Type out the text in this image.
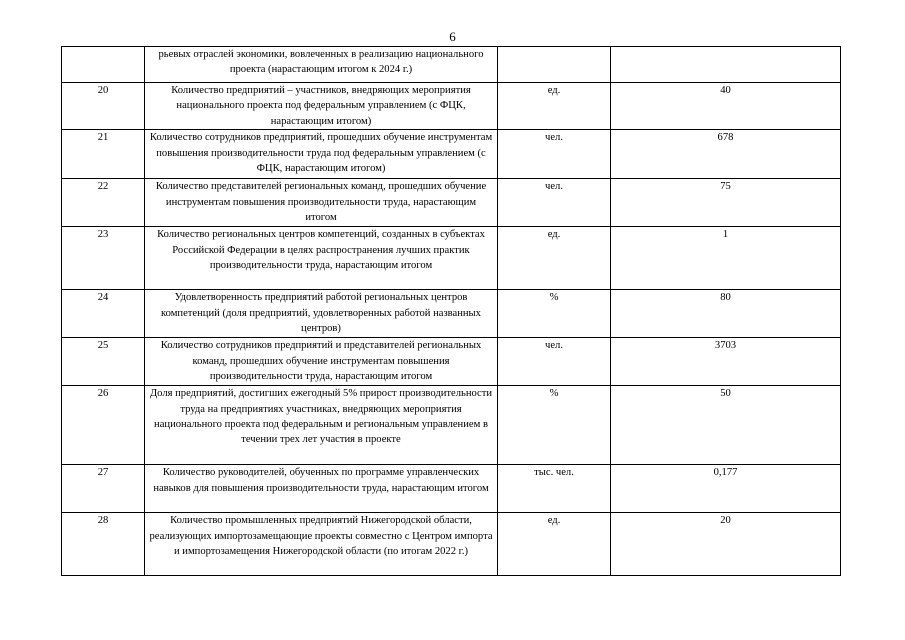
6
	рьевых отраслей экономики, вовлеченных в реализацию национального проекта (нарастающим итогом к 2024 г.)		
20	Количество предприятий – участников, внедряющих мероприятия национального проекта под федеральным управлением (с ФЦК, нарастающим итогом)	ед.	40
21	Количество сотрудников предприятий, прошедших обучение инструментам повышения производительности труда под федеральным управлением (с ФЦК, нарастающим итогом)	чел.	678
22	Количество представителей региональных команд, прошедших обучение инструментам повышения производительности труда, нарастающим итогом	чел.	75
23	Количество региональных центров компетенций, созданных в субъектах Российской Федерации в целях распространения лучших практик производительности труда, нарастающим итогом	ед.	1
24	Удовлетворенность предприятий работой региональных центров компетенций (доля предприятий, удовлетворенных работой названных центров)	%	80
25	Количество сотрудников предприятий и представителей региональных команд, прошедших обучение инструментам повышения производительности труда, нарастающим итогом	чел.	3703
26	Доля предприятий, достигших ежегодный 5% прирост производительности труда на предприятиях участниках, внедряющих мероприятия национального проекта под федеральным и региональным управлением в течении трех лет участия в проекте	%	50
27	Количество руководителей, обученных по программе управленческих навыков для повышения производительности труда, нарастающим итогом	тыс. чел.	0,177
28	Количество промышленных предприятий Нижегородской области, реализующих импортозамещающие проекты совместно с Центром импорта и импортозамещения Нижегородской области (по итогам 2022 г.)	ед.	20
